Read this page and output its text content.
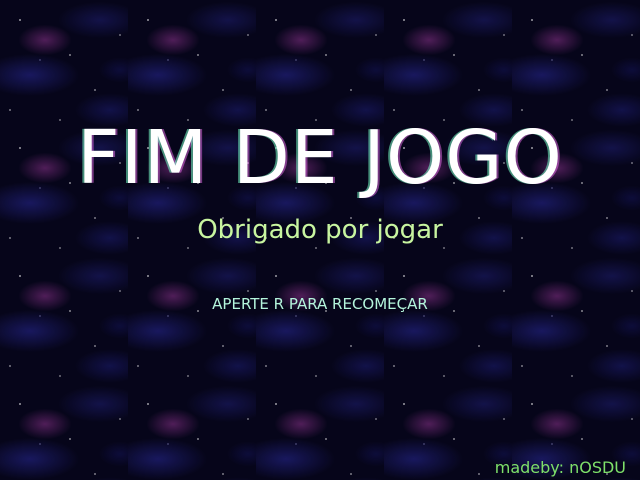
FIM DE JOGO
Obrigado por jogar
APERTE R PARA RECOMEÇAR
madeby: nOSDU
